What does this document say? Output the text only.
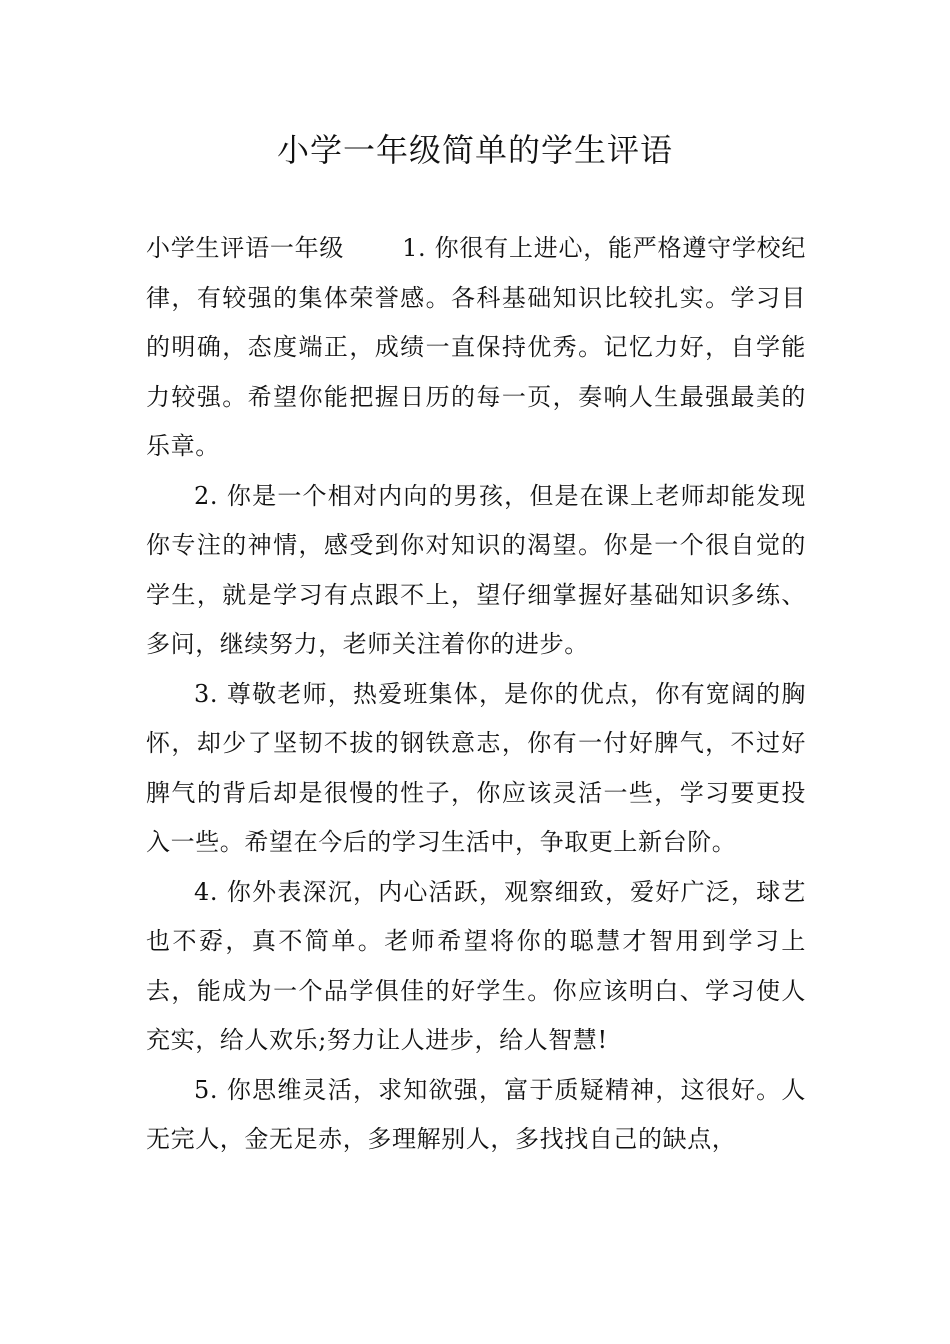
小学一年级简单的学生评语

小学生评语一年级 1. 你很有上进心，能严格遵守学校纪律，有较强的集体荣誉感。各科基础知识比较扎实。学习目的明确，态度端正，成绩一直保持优秀。记忆力好，自学能力较强。希望你能把握日历的每一页，奏响人生最强最美的乐章。

2. 你是一个相对内向的男孩，但是在课上老师却能发现你专注的神情，感受到你对知识的渴望。你是一个很自觉的学生，就是学习有点跟不上，望仔细掌握好基础知识多练、多问，继续努力，老师关注着你的进步。

3. 尊敬老师，热爱班集体，是你的优点，你有宽阔的胸怀，却少了坚韧不拔的钢铁意志，你有一付好脾气，不过好脾气的背后却是很慢的性子，你应该灵活一些，学习要更投入一些。希望在今后的学习生活中，争取更上新台阶。

4. 你外表深沉，内心活跃，观察细致，爱好广泛，球艺也不孬，真不简单。老师希望将你的聪慧才智用到学习上去，能成为一个品学俱佳的好学生。你应该明白、学习使人充实，给人欢乐;努力让人进步，给人智慧!

5. 你思维灵活，求知欲强，富于质疑精神，这很好。人无完人，金无足赤，多理解别人，多找找自己的缺点，
